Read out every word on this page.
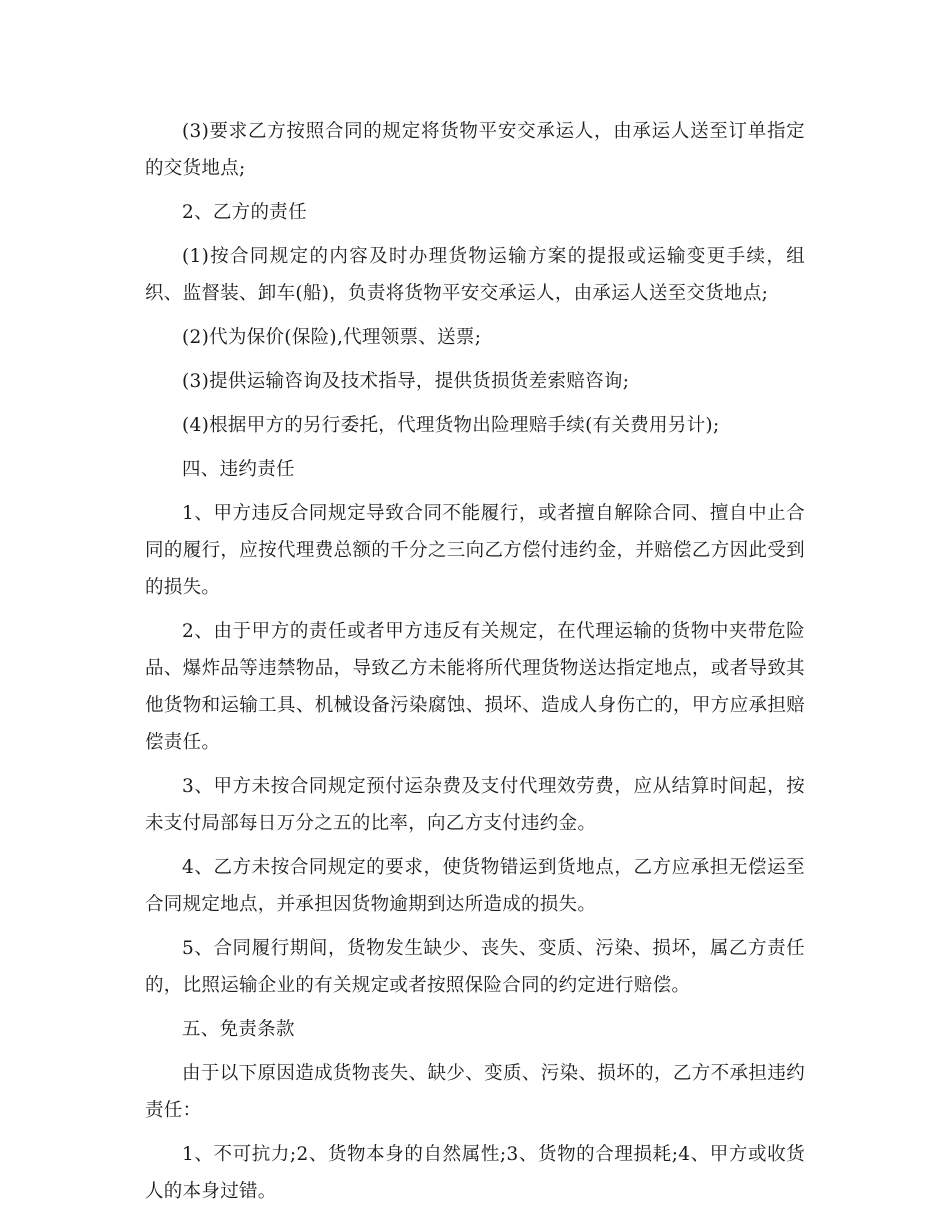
(3)要求乙方按照合同的规定将货物平安交承运人，由承运人送至订单指定的交货地点;

2、乙方的责任

(1)按合同规定的内容及时办理货物运输方案的提报或运输变更手续，组织、监督装、卸车(船)，负责将货物平安交承运人，由承运人送至交货地点;

(2)代为保价(保险),代理领票、送票;

(3)提供运输咨询及技术指导，提供货损货差索赔咨询;

(4)根据甲方的另行委托，代理货物出险理赔手续(有关费用另计);

四、违约责任

1、甲方违反合同规定导致合同不能履行，或者擅自解除合同、擅自中止合同的履行，应按代理费总额的千分之三向乙方偿付违约金，并赔偿乙方因此受到的损失。

2、由于甲方的责任或者甲方违反有关规定，在代理运输的货物中夹带危险品、爆炸品等违禁物品，导致乙方未能将所代理货物送达指定地点，或者导致其他货物和运输工具、机械设备污染腐蚀、损坏、造成人身伤亡的，甲方应承担赔偿责任。

3、甲方未按合同规定预付运杂费及支付代理效劳费，应从结算时间起，按未支付局部每日万分之五的比率，向乙方支付违约金。

4、乙方未按合同规定的要求，使货物错运到货地点，乙方应承担无偿运至合同规定地点，并承担因货物逾期到达所造成的损失。

5、合同履行期间，货物发生缺少、丧失、变质、污染、损坏，属乙方责任的，比照运输企业的有关规定或者按照保险合同的约定进行赔偿。

五、免责条款

由于以下原因造成货物丧失、缺少、变质、污染、损坏的，乙方不承担违约责任：

1、不可抗力;2、货物本身的自然属性;3、货物的合理损耗;4、甲方或收货人的本身过错。
